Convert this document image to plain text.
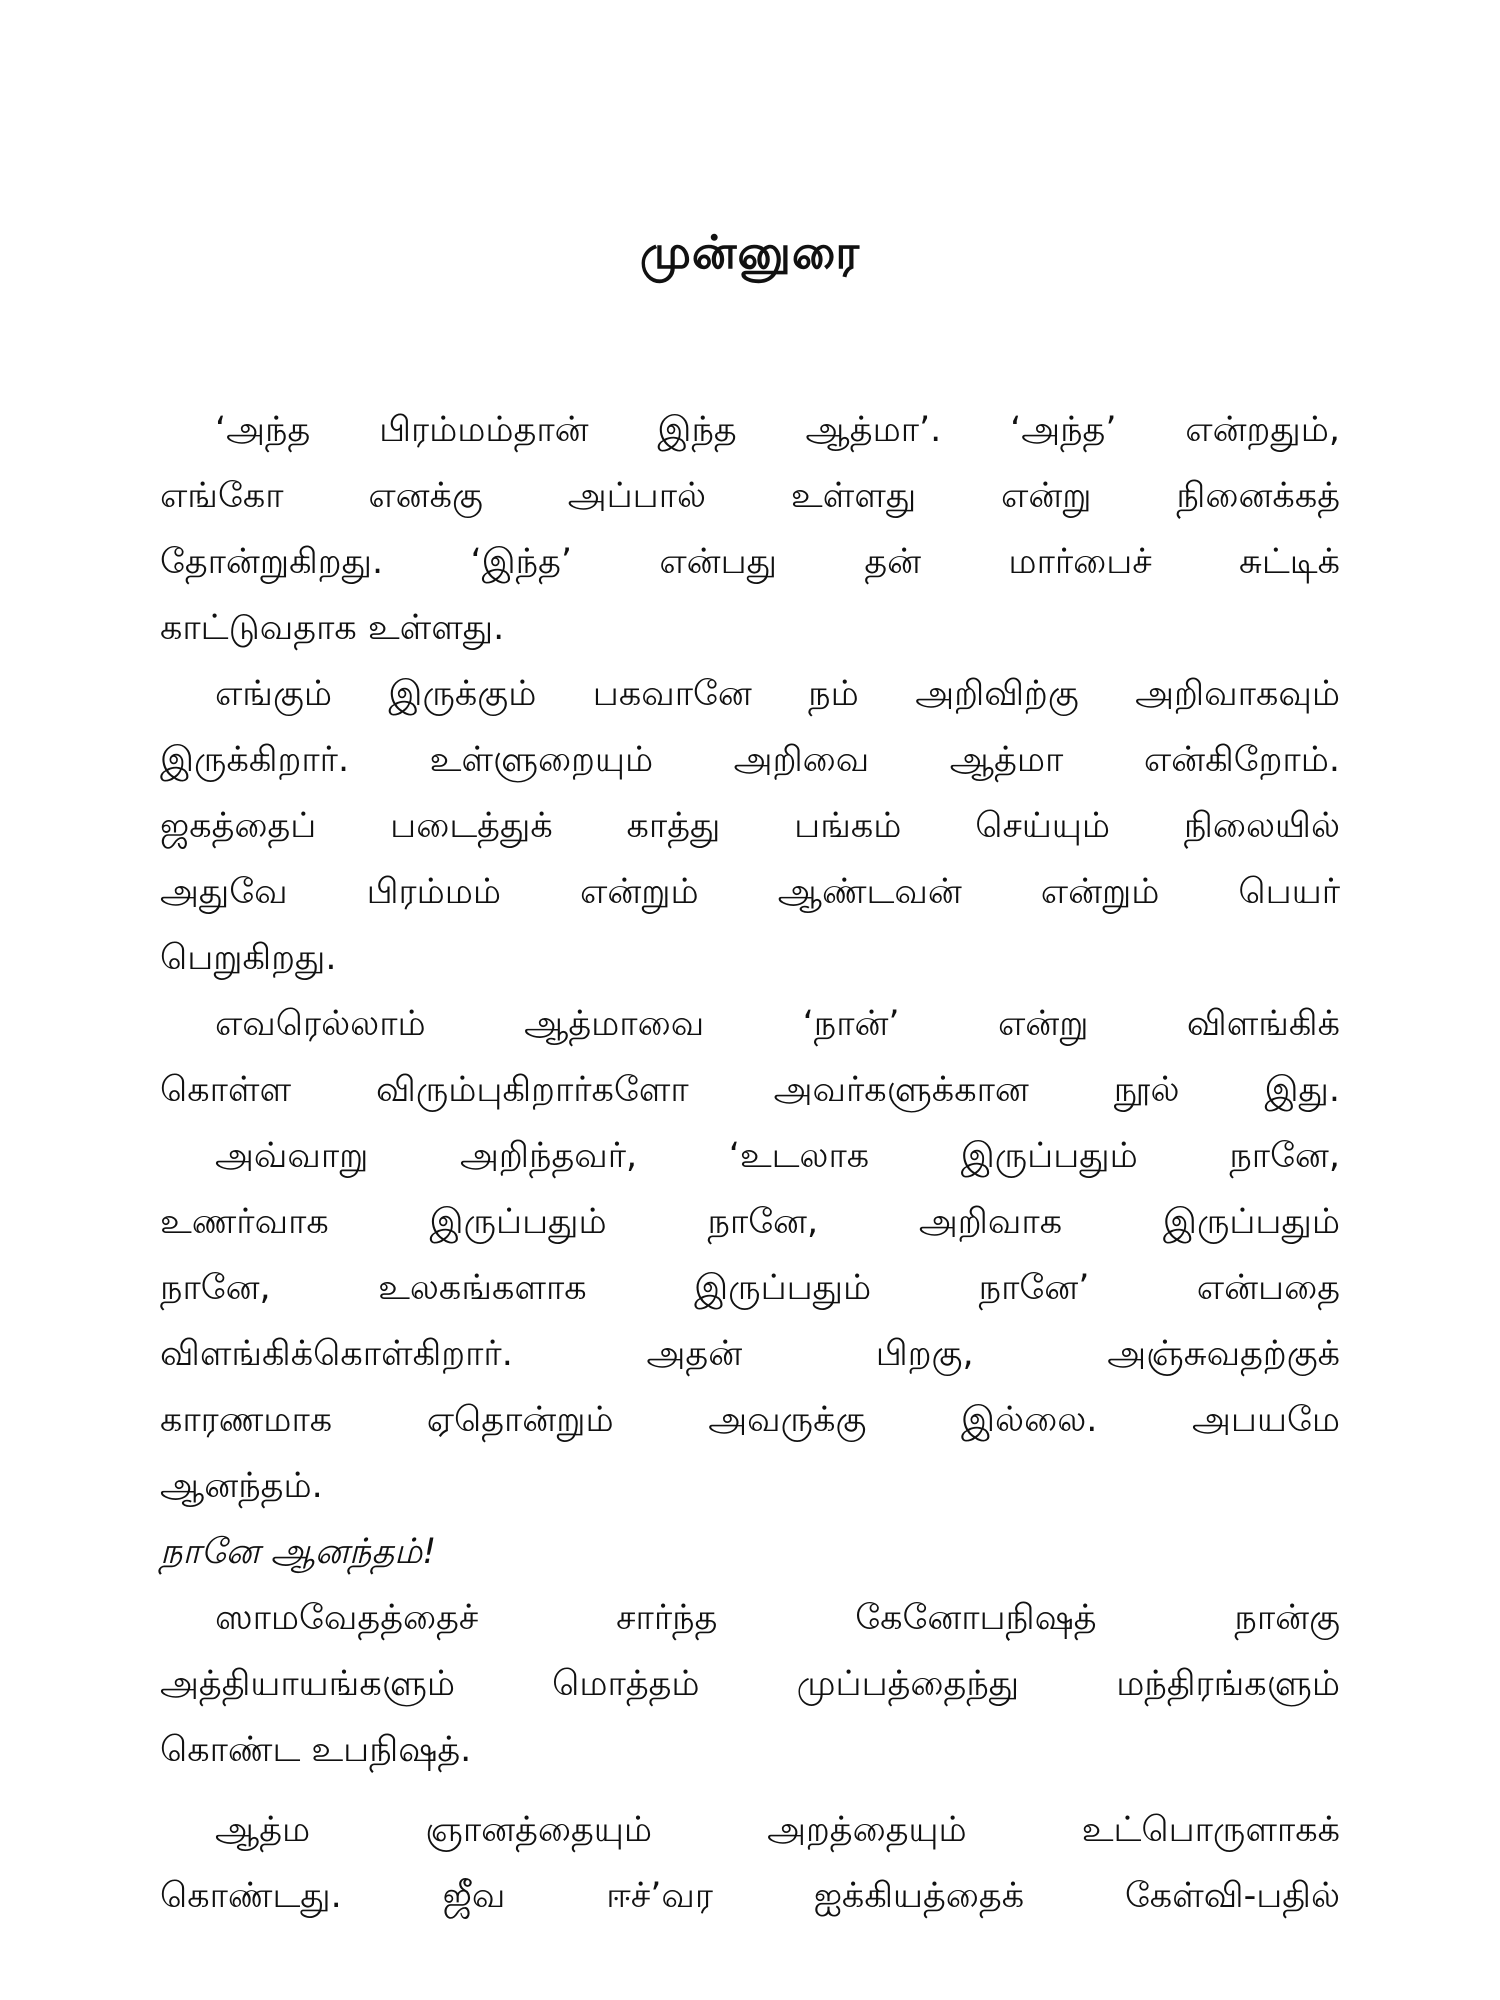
முன்னுரை
‘அந்த பிரம்மம்தான் இந்த ஆத்மா’. ‘அந்த’ என்றதும்,
எங்கோ எனக்கு அப்பால் உள்ளது என்று நினைக்கத்
தோன்றுகிறது. ‘இந்த’ என்பது தன் மார்பைச் சுட்டிக்
காட்டுவதாக உள்ளது.
எங்கும் இருக்கும் பகவானே நம் அறிவிற்கு அறிவாகவும்
இருக்கிறார். உள்ளுறையும் அறிவை ஆத்மா என்கிறோம்.
ஜகத்தைப் படைத்துக் காத்து பங்கம் செய்யும் நிலையில்
அதுவே பிரம்மம் என்றும் ஆண்டவன் என்றும் பெயர்
பெறுகிறது.
எவரெல்லாம் ஆத்மாவை ‘நான்’ என்று விளங்கிக்
கொள்ள விரும்புகிறார்களோ அவர்களுக்கான நூல் இது.
அவ்வாறு அறிந்தவர், ‘உடலாக இருப்பதும் நானே,
உணர்வாக இருப்பதும் நானே, அறிவாக இருப்பதும்
நானே, உலகங்களாக இருப்பதும் நானே’ என்பதை
விளங்கிக்கொள்கிறார். அதன் பிறகு, அஞ்சுவதற்குக்
காரணமாக ஏதொன்றும் அவருக்கு இல்லை. அபயமே
ஆனந்தம்.
நானே ஆனந்தம்!
ஸாமவேதத்தைச் சார்ந்த கேனோபநிஷத் நான்கு
அத்தியாயங்களும் மொத்தம் முப்பத்தைந்து மந்திரங்களும்
கொண்ட உபநிஷத்.
ஆத்ம ஞானத்தையும் அறத்தையும் உட்பொருளாகக்
கொண்டது. ஜீவ ஈச்’வர ஐக்கியத்தைக் கேள்வி-பதில்
